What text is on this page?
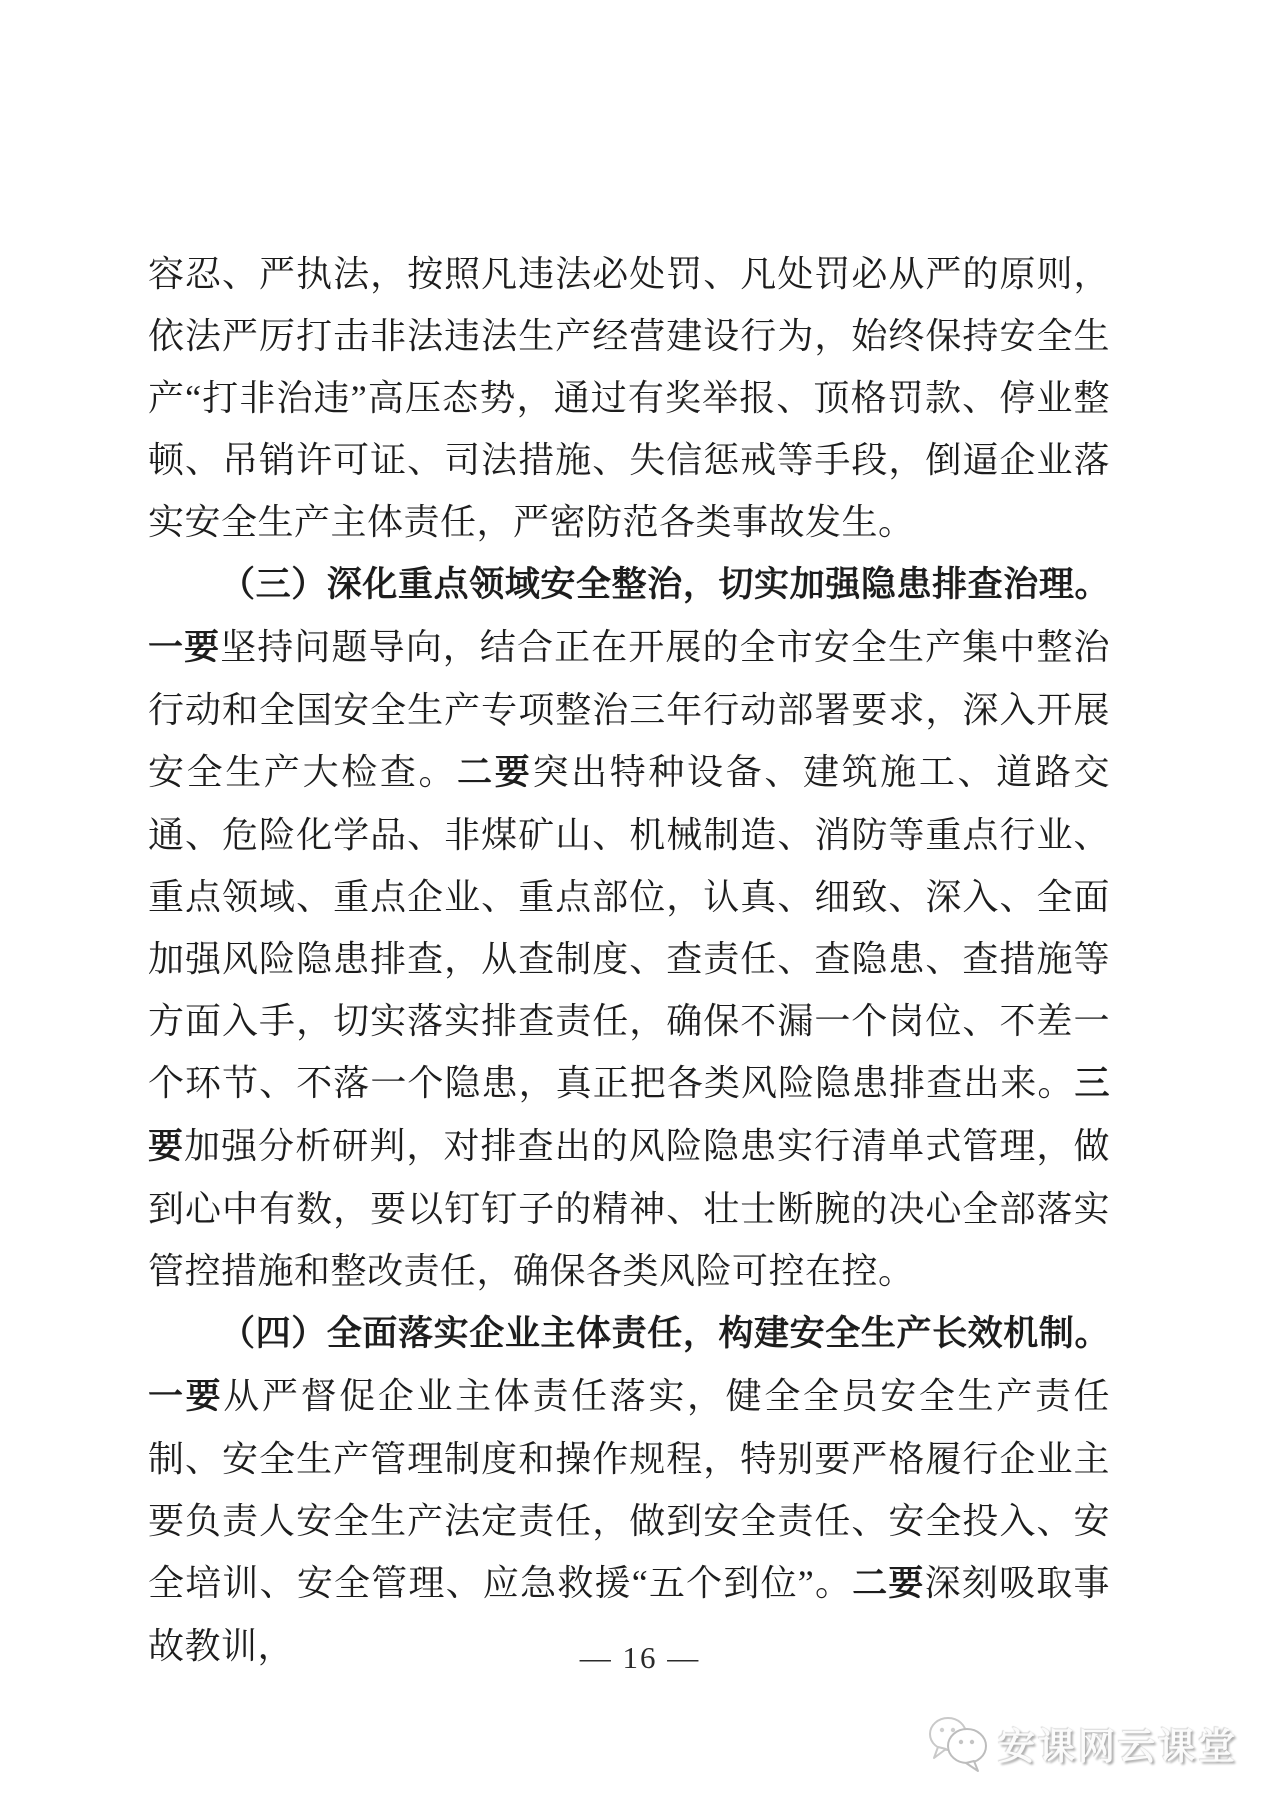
容忍、严执法，按照凡违法必处罚、凡处罚必从严的原则，依法严厉打击非法违法生产经营建设行为，始终保持安全生产“打非治违”高压态势，通过有奖举报、顶格罚款、停业整顿、吊销许可证、司法措施、失信惩戒等手段，倒逼企业落实安全生产主体责任，严密防范各类事故发生。

（三）深化重点领域安全整治，切实加强隐患排查治理。一要坚持问题导向，结合正在开展的全市安全生产集中整治行动和全国安全生产专项整治三年行动部署要求，深入开展安全生产大检查。二要突出特种设备、建筑施工、道路交通、危险化学品、非煤矿山、机械制造、消防等重点行业、重点领域、重点企业、重点部位，认真、细致、深入、全面加强风险隐患排查，从查制度、查责任、查隐患、查措施等方面入手，切实落实排查责任，确保不漏一个岗位、不差一个环节、不落一个隐患，真正把各类风险隐患排查出来。三要加强分析研判，对排查出的风险隐患实行清单式管理，做到心中有数，要以钉钉子的精神、壮士断腕的决心全部落实管控措施和整改责任，确保各类风险可控在控。

（四）全面落实企业主体责任，构建安全生产长效机制。一要从严督促企业主体责任落实，健全全员安全生产责任制、安全生产管理制度和操作规程，特别要严格履行企业主要负责人安全生产法定责任，做到安全责任、安全投入、安全培训、安全管理、应急救援“五个到位”。二要深刻吸取事故教训，	— 16 —
安课网云课堂
